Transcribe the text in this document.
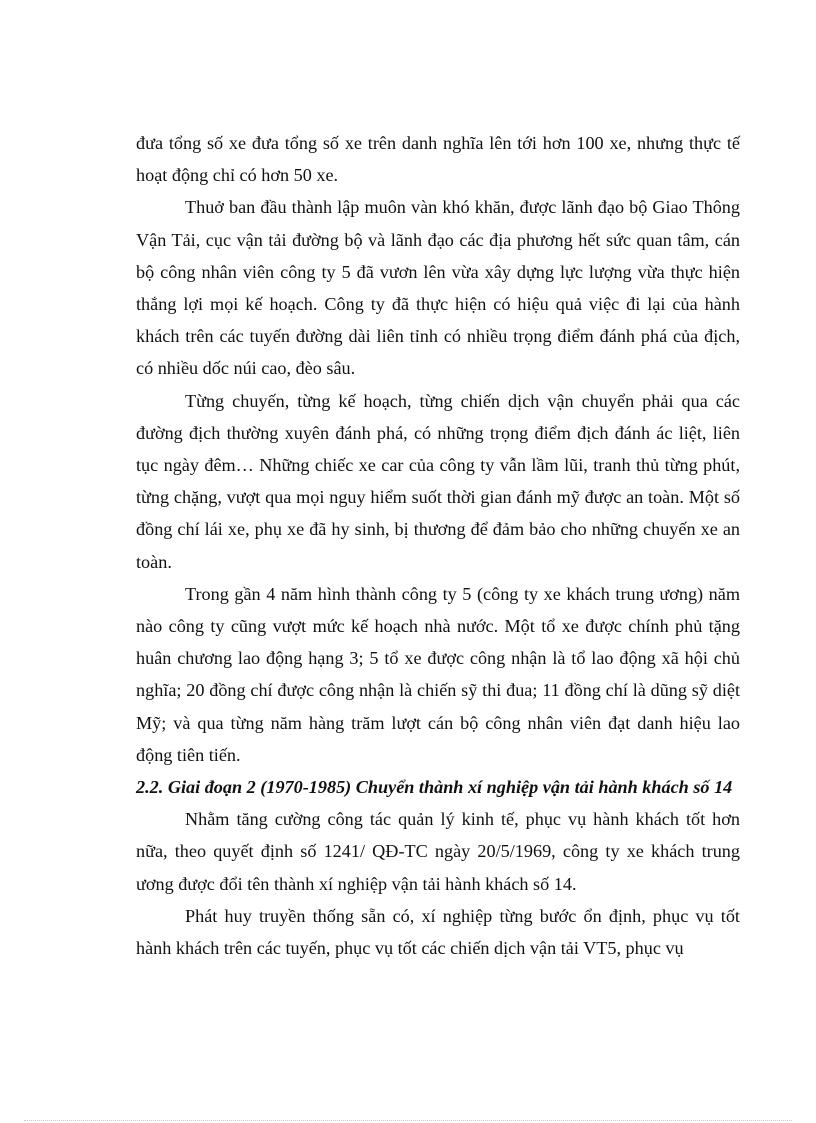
đưa tổng số xe đưa tổng số xe trên danh nghĩa lên tới hơn 100 xe, nhưng thực tế hoạt động chỉ có hơn 50 xe.

Thuở ban đầu thành lập muôn vàn khó khăn, được lãnh đạo bộ Giao Thông Vận Tải, cục vận tải đường bộ và lãnh đạo các địa phương hết sức quan tâm, cán bộ công nhân viên công ty 5 đã vươn lên vừa xây dựng lực lượng vừa thực hiện thắng lợi mọi kế hoạch. Công ty đã thực hiện có hiệu quả việc đi lại của hành khách trên các tuyến đường dài liên tỉnh có nhiều trọng điểm đánh phá của địch, có nhiều dốc núi cao, đèo sâu.

Từng chuyến, từng kế hoạch, từng chiến dịch vận chuyển phải qua các đường địch thường xuyên đánh phá, có những trọng điểm địch đánh ác liệt, liên tục ngày đêm… Những chiếc xe car của công ty vẫn lầm lũi, tranh thủ từng phút, từng chặng, vượt qua mọi nguy hiểm suốt thời gian đánh mỹ được an toàn. Một số đồng chí lái xe, phụ xe đã hy sinh, bị thương để đảm bảo cho những chuyến xe an toàn.

Trong gần 4 năm hình thành công ty 5 (công ty xe khách trung ương) năm nào công ty cũng vượt mức kế hoạch nhà nước. Một tổ xe được chính phủ tặng huân chương lao động hạng 3; 5 tổ xe được công nhận là tổ lao động xã hội chủ nghĩa; 20 đồng chí được công nhận là chiến sỹ thi đua; 11 đồng chí là dũng sỹ diệt Mỹ; và qua từng năm hàng trăm lượt cán bộ công nhân viên đạt danh hiệu lao động tiên tiến.

2.2. Giai đoạn 2 (1970-1985) Chuyển thành xí nghiệp vận tải hành khách số 14

Nhằm tăng cường công tác quản lý kinh tế, phục vụ hành khách tốt hơn nữa, theo quyết định số 1241/ QĐ-TC ngày 20/5/1969, công ty xe khách trung ương được đổi tên thành xí nghiệp vận tải hành khách số 14.

Phát huy truyền thống sẵn có, xí nghiệp từng bước ổn định, phục vụ tốt hành khách trên các tuyến, phục vụ tốt các chiến dịch vận tải VT5, phục vụ
